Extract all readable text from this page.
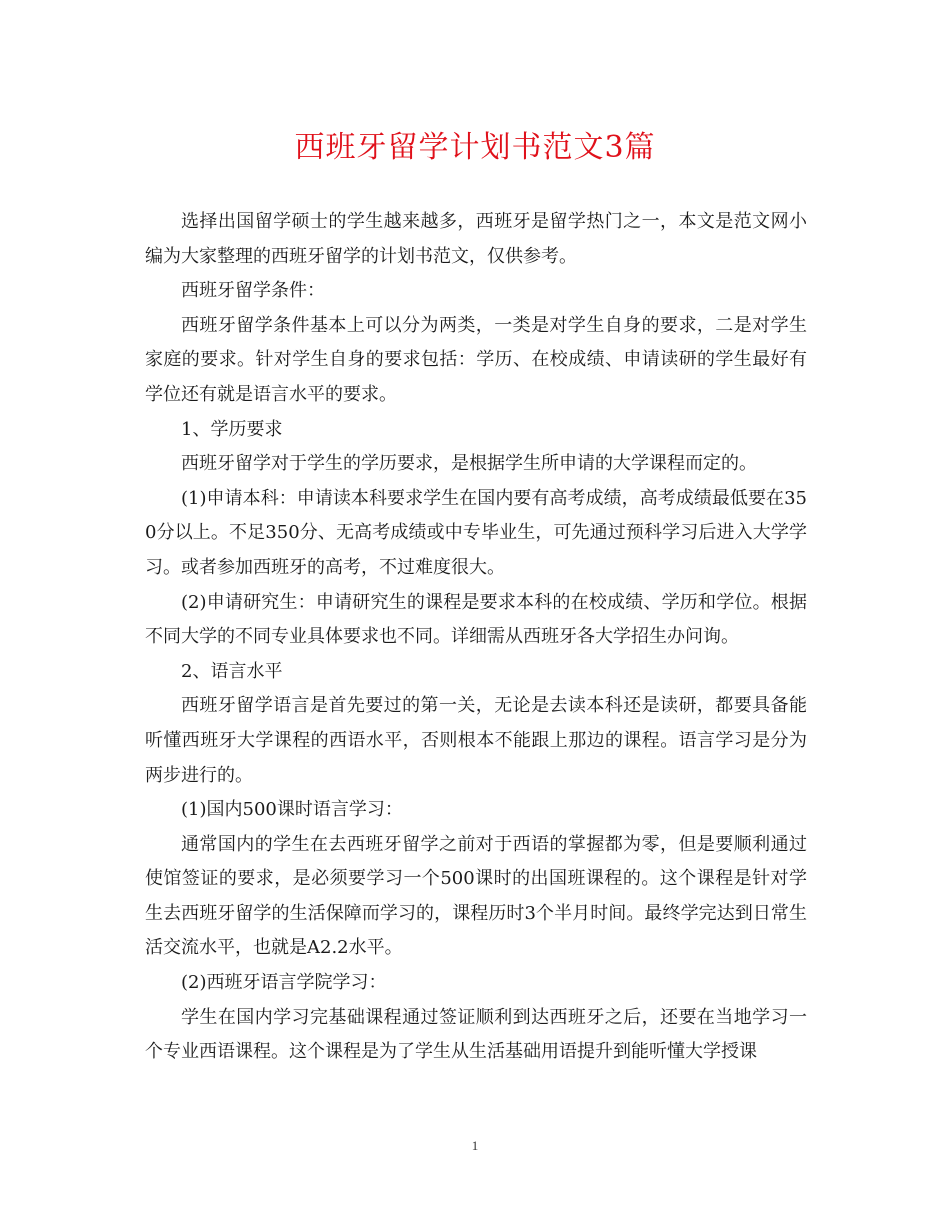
西班牙留学计划书范文3篇

选择出国留学硕士的学生越来越多，西班牙是留学热门之一，本文是范文网小编为大家整理的西班牙留学的计划书范文，仅供参考。

西班牙留学条件：

西班牙留学条件基本上可以分为两类，一类是对学生自身的要求，二是对学生家庭的要求。针对学生自身的要求包括：学历、在校成绩、申请读研的学生最好有学位还有就是语言水平的要求。

1、学历要求

西班牙留学对于学生的学历要求，是根据学生所申请的大学课程而定的。

(1)申请本科：申请读本科要求学生在国内要有高考成绩，高考成绩最低要在350分以上。不足350分、无高考成绩或中专毕业生，可先通过预科学习后进入大学学习。或者参加西班牙的高考，不过难度很大。

(2)申请研究生：申请研究生的课程是要求本科的在校成绩、学历和学位。根据不同大学的不同专业具体要求也不同。详细需从西班牙各大学招生办问询。

2、语言水平

西班牙留学语言是首先要过的第一关，无论是去读本科还是读研，都要具备能听懂西班牙大学课程的西语水平，否则根本不能跟上那边的课程。语言学习是分为两步进行的。

(1)国内500课时语言学习：

通常国内的学生在去西班牙留学之前对于西语的掌握都为零，但是要顺利通过使馆签证的要求，是必须要学习一个500课时的出国班课程的。这个课程是针对学生去西班牙留学的生活保障而学习的，课程历时3个半月时间。最终学完达到日常生活交流水平，也就是A2.2水平。

(2)西班牙语言学院学习：

学生在国内学习完基础课程通过签证顺利到达西班牙之后，还要在当地学习一个专业西语课程。这个课程是为了学生从生活基础用语提升到能听懂大学授课

1
